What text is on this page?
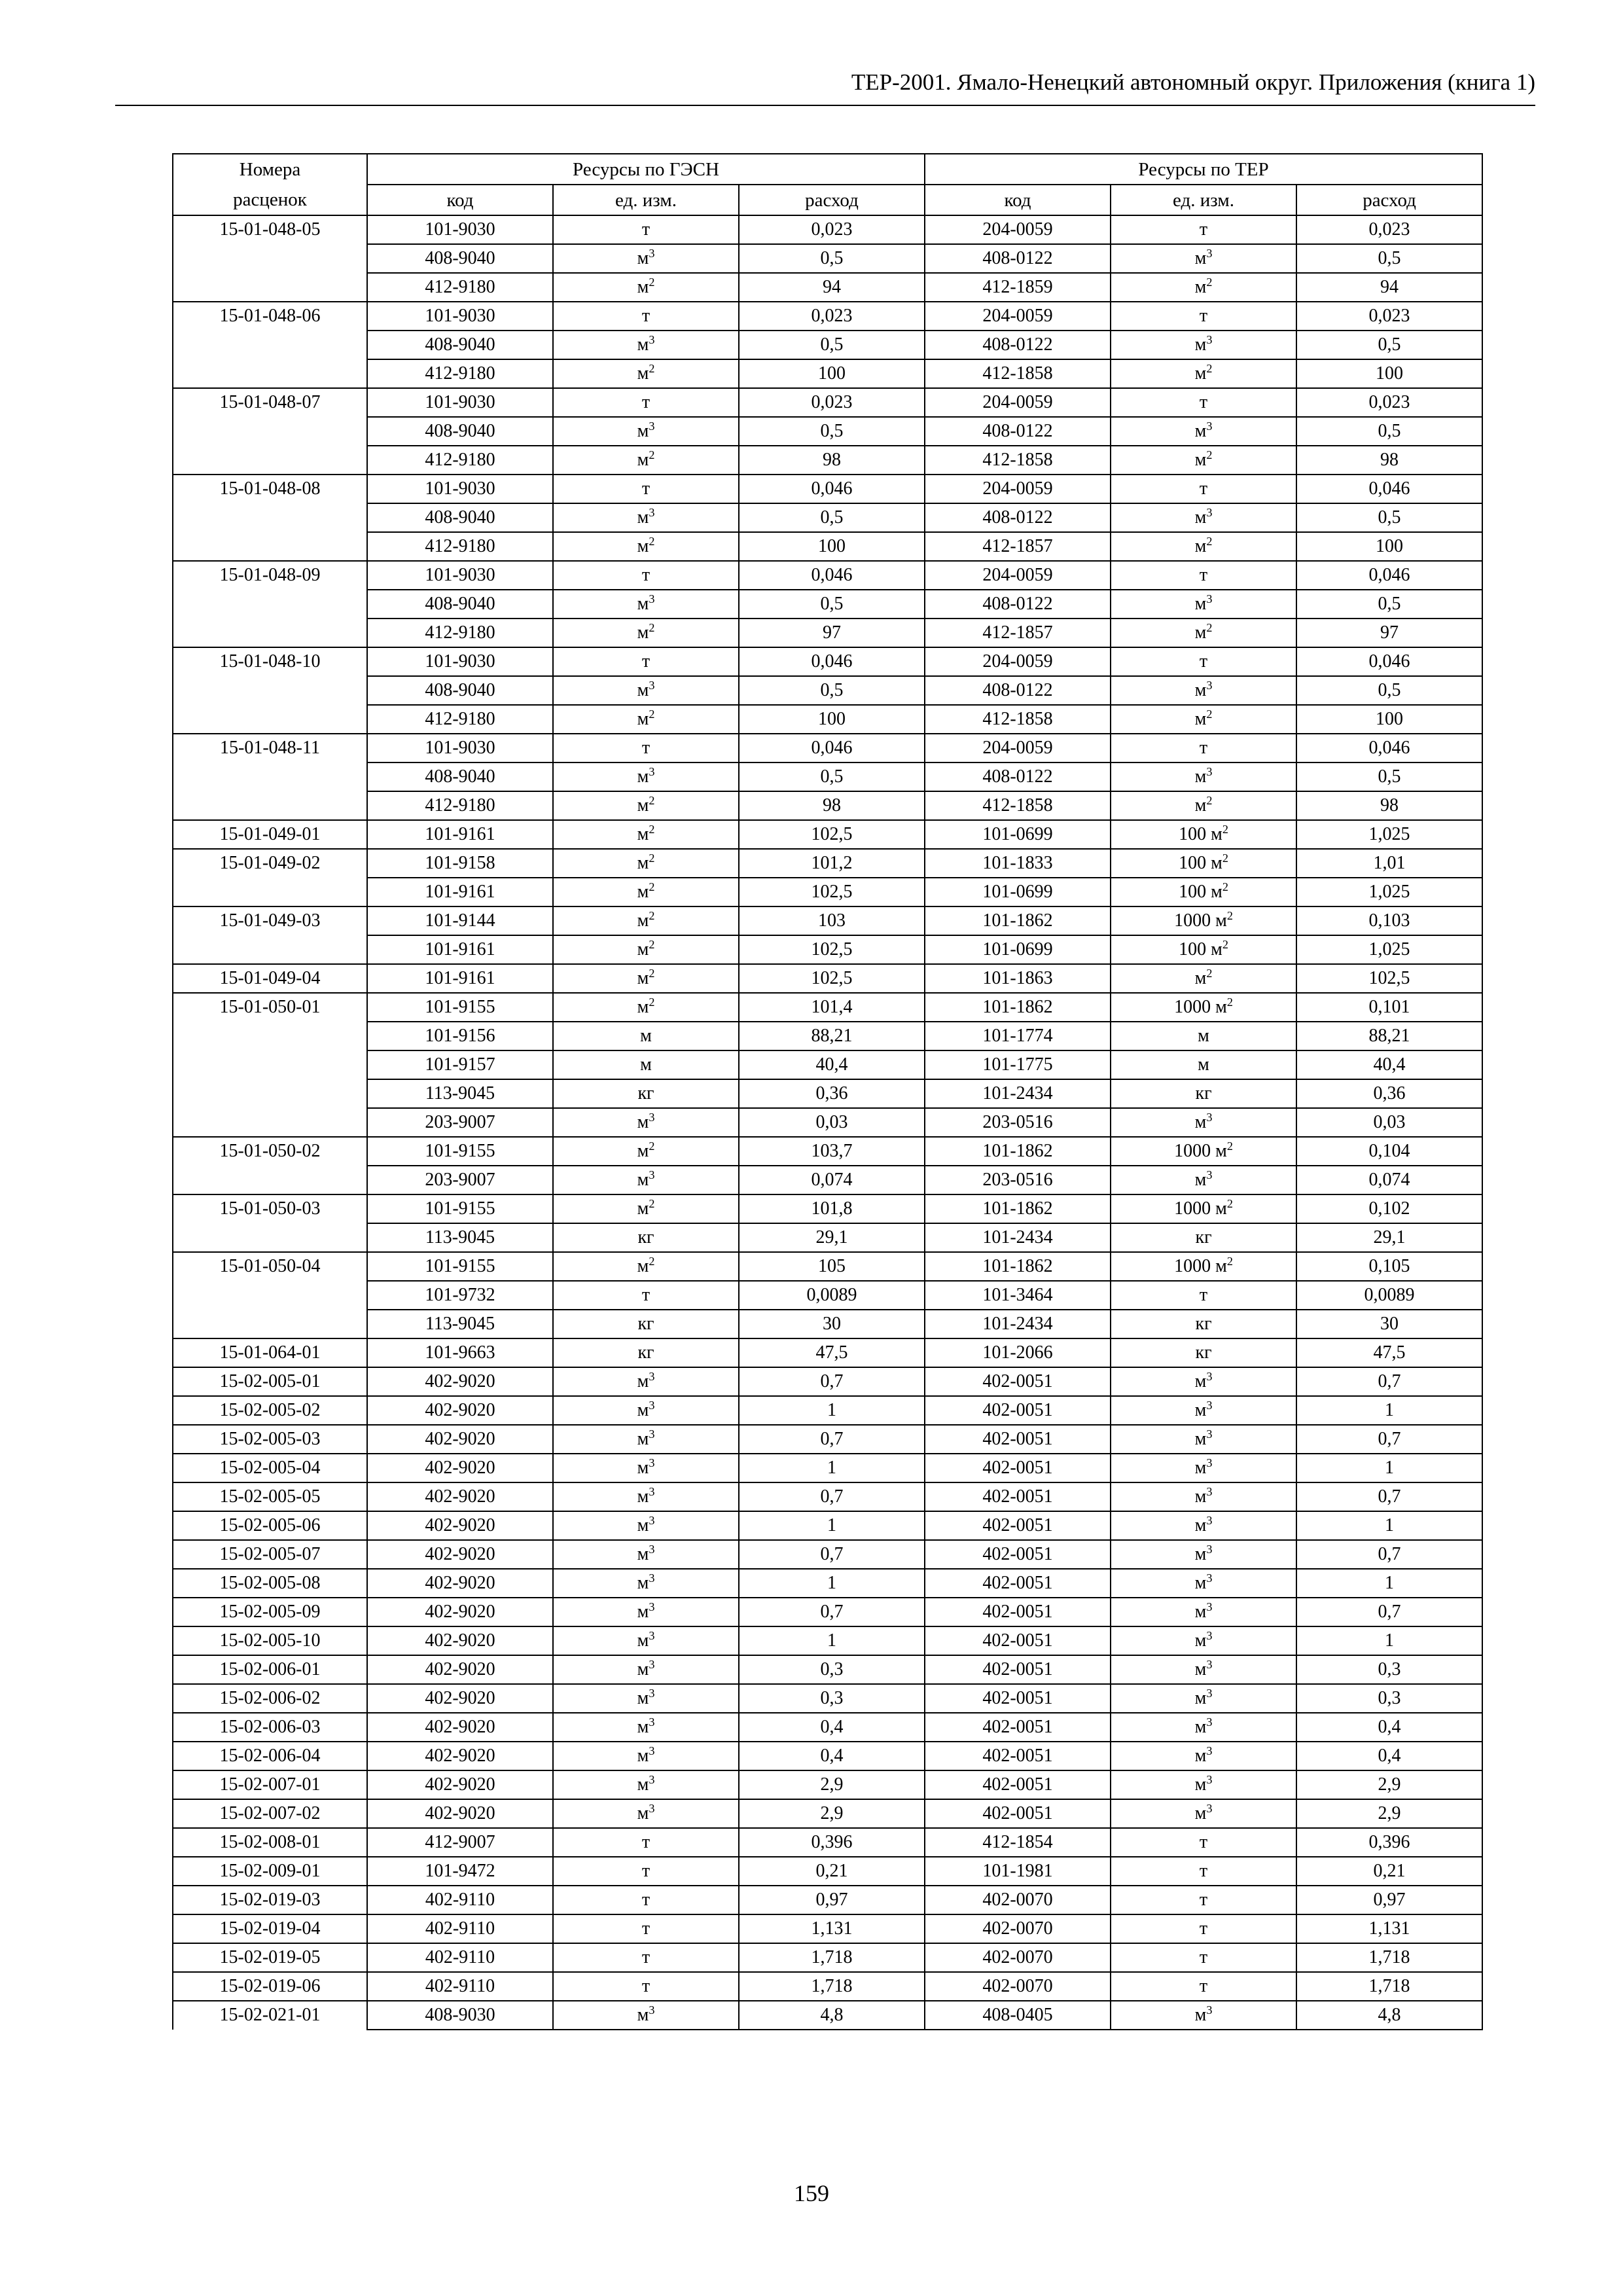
ТЕР-2001. Ямало-Ненецкий автономный округ. Приложения (книга 1)
Номера расценок	Ресурсы по ГЭСН			Ресурсы по ТЕР		
	код	ед. изм.	расход	код	ед. изм.	расход
15-01-048-05	101-9030	т	0,023	204-0059	т	0,023
	408-9040	$м^3$	0,5	408-0122	$м^3$	0,5
	412-9180	$м^2$	94	412-1859	$м^2$	94
15-01-048-06	101-9030	т	0,023	204-0059	т	0,023
	408-9040	$м^3$	0,5	408-0122	$м^3$	0,5
	412-9180	$м^2$	100	412-1858	$м^2$	100
15-01-048-07	101-9030	т	0,023	204-0059	т	0,023
	408-9040	$м^3$	0,5	408-0122	$м^3$	0,5
	412-9180	$м^2$	98	412-1858	$м^2$	98
15-01-048-08	101-9030	т	0,046	204-0059	т	0,046
	408-9040	$м^3$	0,5	408-0122	$м^3$	0,5
	412-9180	$м^2$	100	412-1857	$м^2$	100
15-01-048-09	101-9030	т	0,046	204-0059	т	0,046
	408-9040	$м^3$	0,5	408-0122	$м^3$	0,5
	412-9180	$м^2$	97	412-1857	$м^2$	97
15-01-048-10	101-9030	т	0,046	204-0059	т	0,046
	408-9040	$м^3$	0,5	408-0122	$м^3$	0,5
	412-9180	$м^2$	100	412-1858	$м^2$	100
15-01-048-11	101-9030	т	0,046	204-0059	т	0,046
	408-9040	$м^3$	0,5	408-0122	$м^3$	0,5
	412-9180	$м^2$	98	412-1858	$м^2$	98
15-01-049-01	101-9161	$м^2$	102,5	101-0699	100 $м^2$	1,025
15-01-049-02	101-9158	$м^2$	101,2	101-1833	100 $м^2$	1,01
	101-9161	$м^2$	102,5	101-0699	100 $м^2$	1,025
15-01-049-03	101-9144	$м^2$	103	101-1862	1000 $м^2$	0,103
	101-9161	$м^2$	102,5	101-0699	100 $м^2$	1,025
15-01-049-04	101-9161	$м^2$	102,5	101-1863	$м^2$	102,5
15-01-050-01	101-9155	$м^2$	101,4	101-1862	1000 $м^2$	0,101
	101-9156	м	88,21	101-1774	м	88,21
	101-9157	м	40,4	101-1775	м	40,4
	113-9045	кг	0,36	101-2434	кг	0,36
	203-9007	$м^3$	0,03	203-0516	$м^3$	0,03
15-01-050-02	101-9155	$м^2$	103,7	101-1862	1000 $м^2$	0,104
	203-9007	$м^3$	0,074	203-0516	$м^3$	0,074
15-01-050-03	101-9155	$м^2$	101,8	101-1862	1000 $м^2$	0,102
	113-9045	кг	29,1	101-2434	кг	29,1
15-01-050-04	101-9155	$м^2$	105	101-1862	1000 $м^2$	0,105
	101-9732	т	0,0089	101-3464	т	0,0089
	113-9045	кг	30	101-2434	кг	30
15-01-064-01	101-9663	кг	47,5	101-2066	кг	47,5
15-02-005-01	402-9020	$м^3$	0,7	402-0051	$м^3$	0,7
15-02-005-02	402-9020	$м^3$	1	402-0051	$м^3$	1
15-02-005-03	402-9020	$м^3$	0,7	402-0051	$м^3$	0,7
15-02-005-04	402-9020	$м^3$	1	402-0051	$м^3$	1
15-02-005-05	402-9020	$м^3$	0,7	402-0051	$м^3$	0,7
15-02-005-06	402-9020	$м^3$	1	402-0051	$м^3$	1
15-02-005-07	402-9020	$м^3$	0,7	402-0051	$м^3$	0,7
15-02-005-08	402-9020	$м^3$	1	402-0051	$м^3$	1
15-02-005-09	402-9020	$м^3$	0,7	402-0051	$м^3$	0,7
15-02-005-10	402-9020	$м^3$	1	402-0051	$м^3$	1
15-02-006-01	402-9020	$м^3$	0,3	402-0051	$м^3$	0,3
15-02-006-02	402-9020	$м^3$	0,3	402-0051	$м^3$	0,3
15-02-006-03	402-9020	$м^3$	0,4	402-0051	$м^3$	0,4
15-02-006-04	402-9020	$м^3$	0,4	402-0051	$м^3$	0,4
15-02-007-01	402-9020	$м^3$	2,9	402-0051	$м^3$	2,9
15-02-007-02	402-9020	$м^3$	2,9	402-0051	$м^3$	2,9
15-02-008-01	412-9007	т	0,396	412-1854	т	0,396
15-02-009-01	101-9472	т	0,21	101-1981	т	0,21
15-02-019-03	402-9110	т	0,97	402-0070	т	0,97
15-02-019-04	402-9110	т	1,131	402-0070	т	1,131
15-02-019-05	402-9110	т	1,718	402-0070	т	1,718
15-02-019-06	402-9110	т	1,718	402-0070	т	1,718
15-02-021-01	408-9030	$м^3$	4,8	408-0405	$м^3$	4,8
159
